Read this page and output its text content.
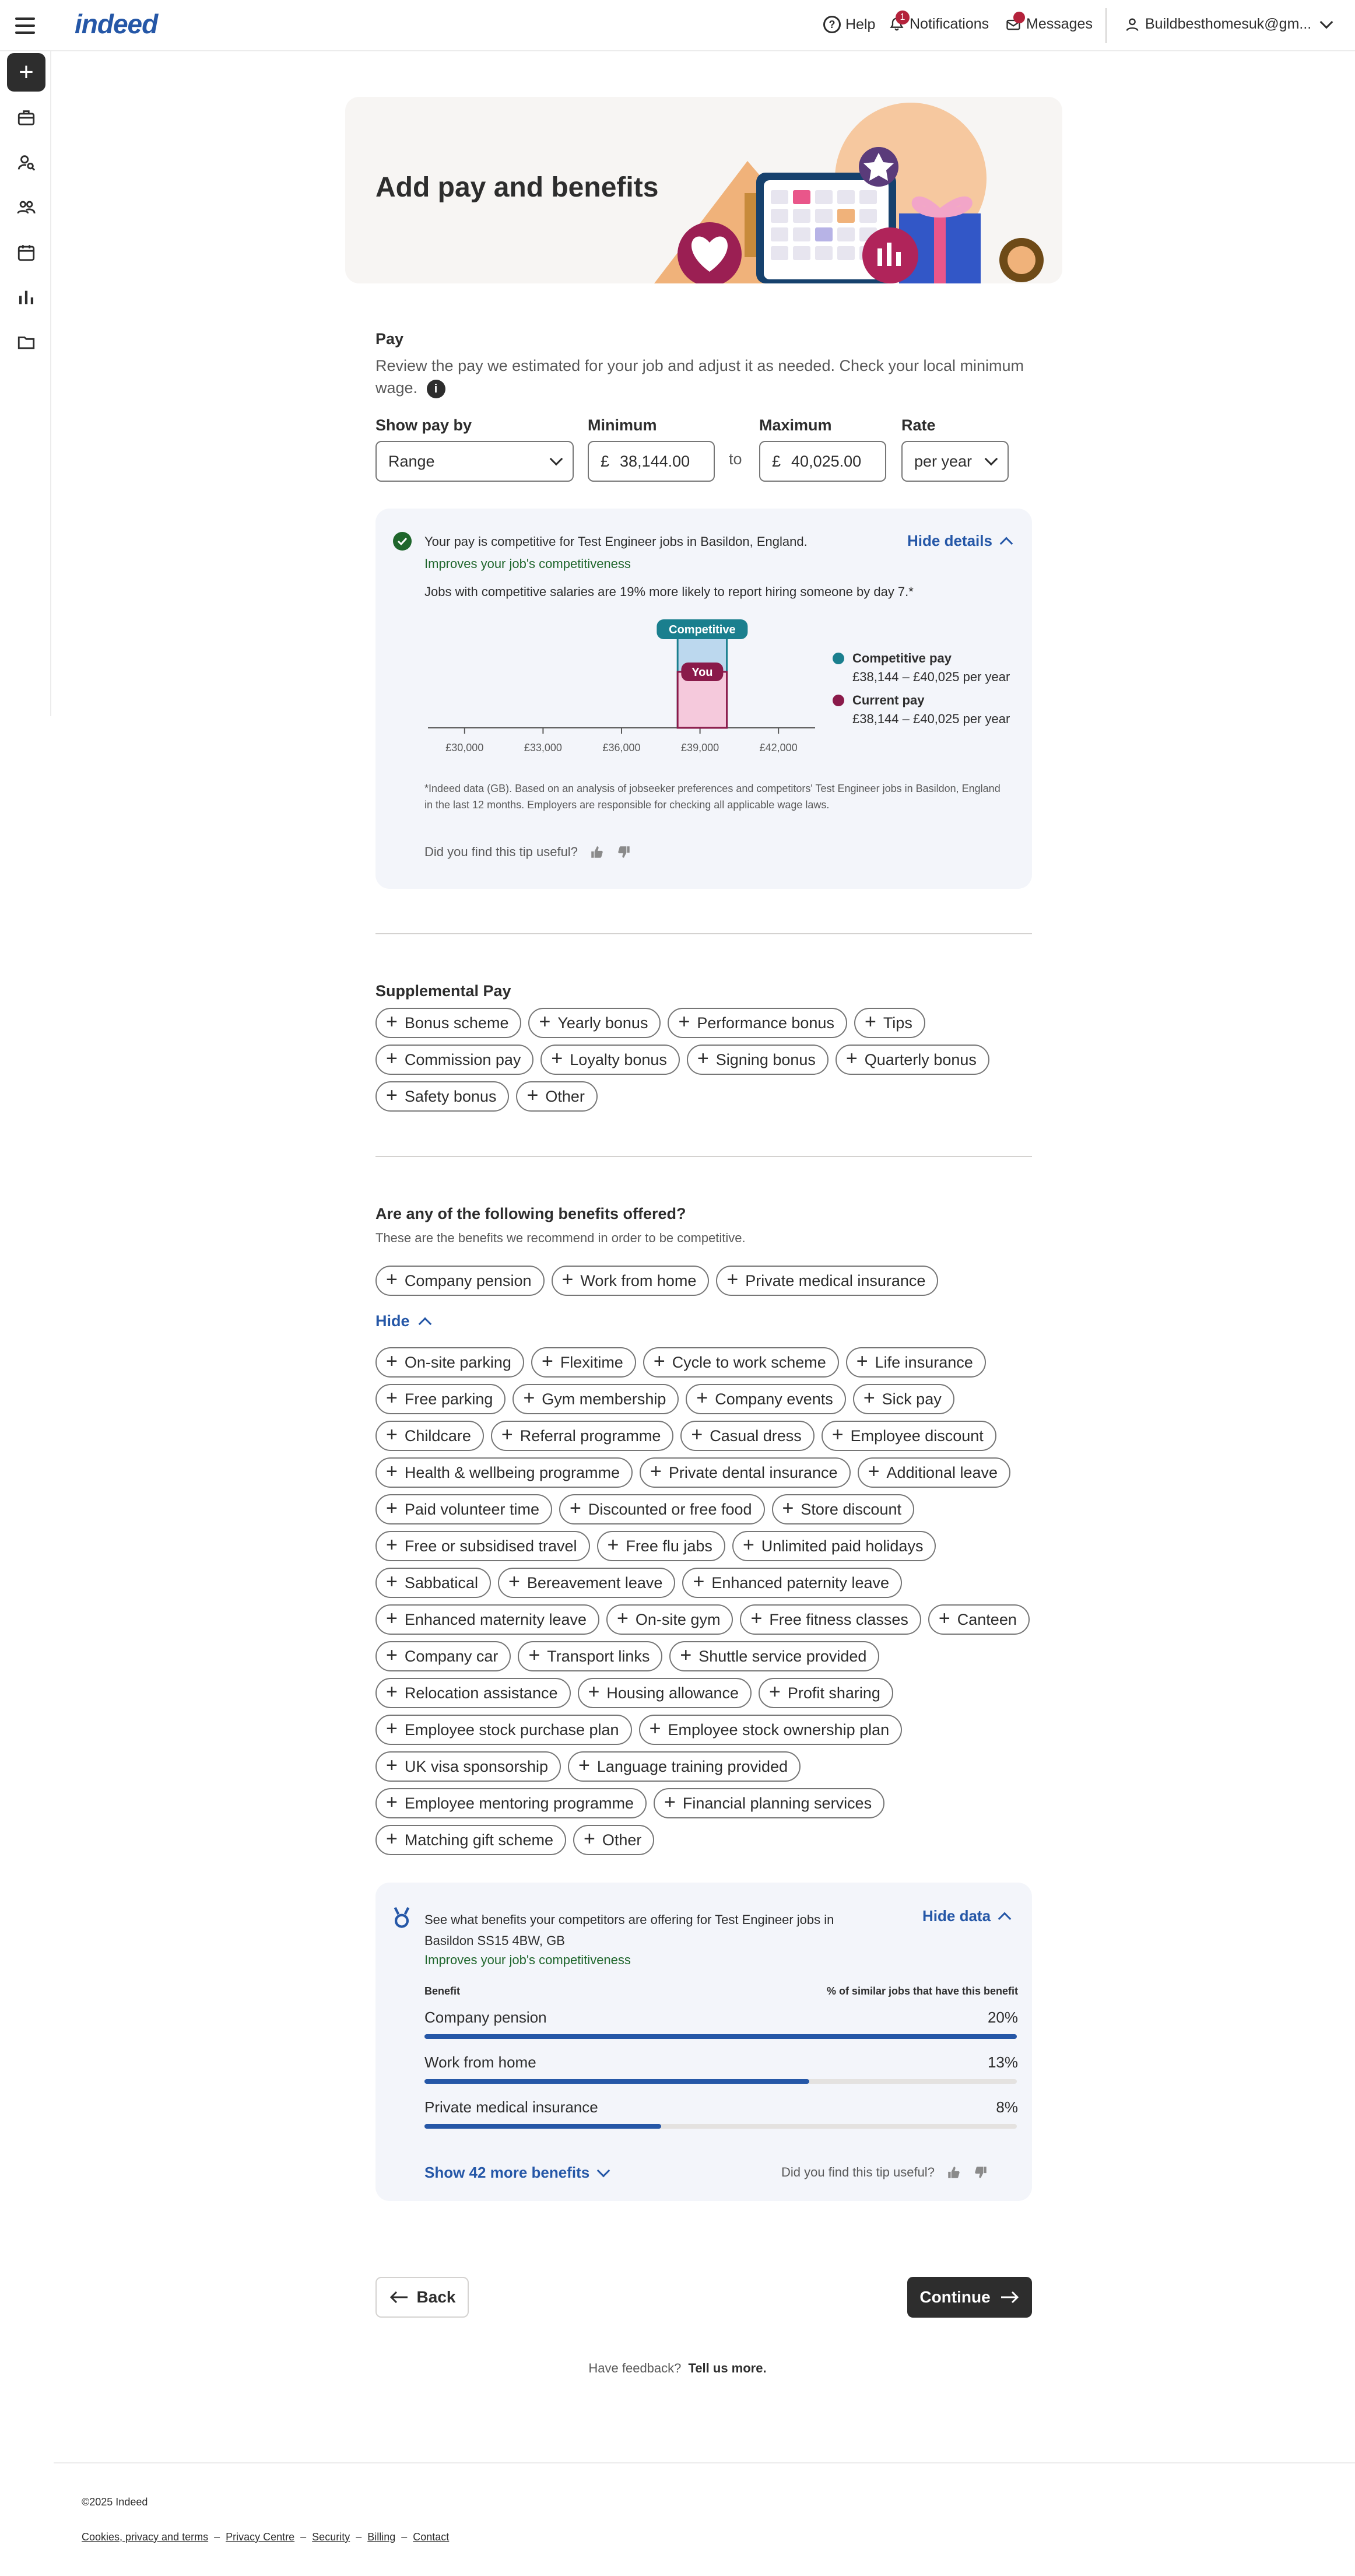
indeed	? Help	1 Notifications	Messages	Buildbesthomesuk@gm...
+
Add pay and benefits
Pay
Review the pay we estimated for your job and adjust it as needed. Check your local minimum wage. i
Show pay by
Range
Minimum
£ 38,144.00 to
Maximum
£ 40,025.00
Rate
per year
Your pay is competitive for Test Engineer jobs in Basildon, England.
Improves your job's competitiveness
Hide details
Jobs with competitive salaries are 19% more likely to report hiring someone by day 7.*
£30,000	£33,000	£36,000	£39,000	£42,000
Competitive
You
Competitive pay
£38,144 – £40,025 per year
Current pay
£38,144 – £40,025 per year
*Indeed data (GB). Based on an analysis of jobseeker preferences and competitors' Test Engineer jobs in Basildon, England in the last 12 months. Employers are responsible for checking all applicable wage laws.
Did you find this tip useful?
Supplemental Pay
+ Bonus scheme + Yearly bonus + Performance bonus + Tips
+ Commission pay + Loyalty bonus + Signing bonus + Quarterly bonus
+ Safety bonus + Other
Are any of the following benefits offered?
These are the benefits we recommend in order to be competitive.
+ Company pension + Work from home + Private medical insurance
Hide
+ On-site parking + Flexitime + Cycle to work scheme + Life insurance
+ Free parking + Gym membership + Company events + Sick pay
+ Childcare + Referral programme + Casual dress + Employee discount
+ Health & wellbeing programme + Private dental insurance + Additional leave
+ Paid volunteer time + Discounted or free food + Store discount
+ Free or subsidised travel + Free flu jabs + Unlimited paid holidays
+ Sabbatical + Bereavement leave + Enhanced paternity leave
+ Enhanced maternity leave + On-site gym + Free fitness classes + Canteen
+ Company car + Transport links + Shuttle service provided
+ Relocation assistance + Housing allowance + Profit sharing
+ Employee stock purchase plan + Employee stock ownership plan
+ UK visa sponsorship + Language training provided
+ Employee mentoring programme + Financial planning services
+ Matching gift scheme + Other
See what benefits your competitors are offering for Test Engineer jobs in Basildon SS15 4BW, GB
Improves your job's competitiveness
Hide data
Benefit	% of similar jobs that have this benefit
Company pension	20%
Work from home	13%
Private medical insurance	8%
Show 42 more benefits	Did you find this tip useful?
Back	Continue
Have feedback? Tell us more.
©2025 Indeed
Cookies, privacy and terms – Privacy Centre – Security – Billing – Contact
